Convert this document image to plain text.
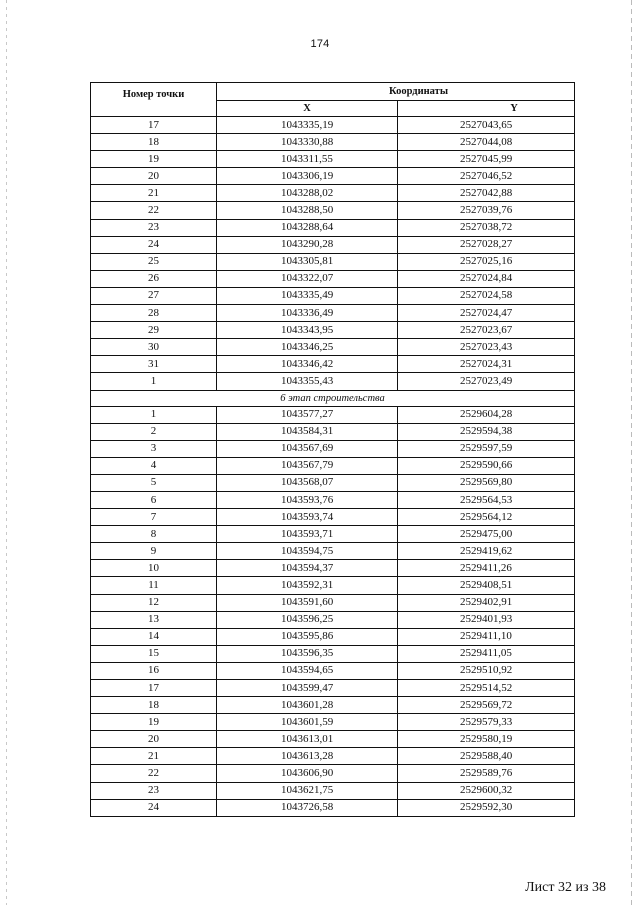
174
Номер точки	Координаты	
	X	Y
17	1043335,19	2527043,65
18	1043330,88	2527044,08
19	1043311,55	2527045,99
20	1043306,19	2527046,52
21	1043288,02	2527042,88
22	1043288,50	2527039,76
23	1043288,64	2527038,72
24	1043290,28	2527028,27
25	1043305,81	2527025,16
26	1043322,07	2527024,84
27	1043335,49	2527024,58
28	1043336,49	2527024,47
29	1043343,95	2527023,67
30	1043346,25	2527023,43
31	1043346,42	2527024,31
1	1043355,43	2527023,49
6 этап строительства		
1	1043577,27	2529604,28
2	1043584,31	2529594,38
3	1043567,69	2529597,59
4	1043567,79	2529590,66
5	1043568,07	2529569,80
6	1043593,76	2529564,53
7	1043593,74	2529564,12
8	1043593,71	2529475,00
9	1043594,75	2529419,62
10	1043594,37	2529411,26
11	1043592,31	2529408,51
12	1043591,60	2529402,91
13	1043596,25	2529401,93
14	1043595,86	2529411,10
15	1043596,35	2529411,05
16	1043594,65	2529510,92
17	1043599,47	2529514,52
18	1043601,28	2529569,72
19	1043601,59	2529579,33
20	1043613,01	2529580,19
21	1043613,28	2529588,40
22	1043606,90	2529589,76
23	1043621,75	2529600,32
24	1043726,58	2529592,30
Лист 32 из 38
